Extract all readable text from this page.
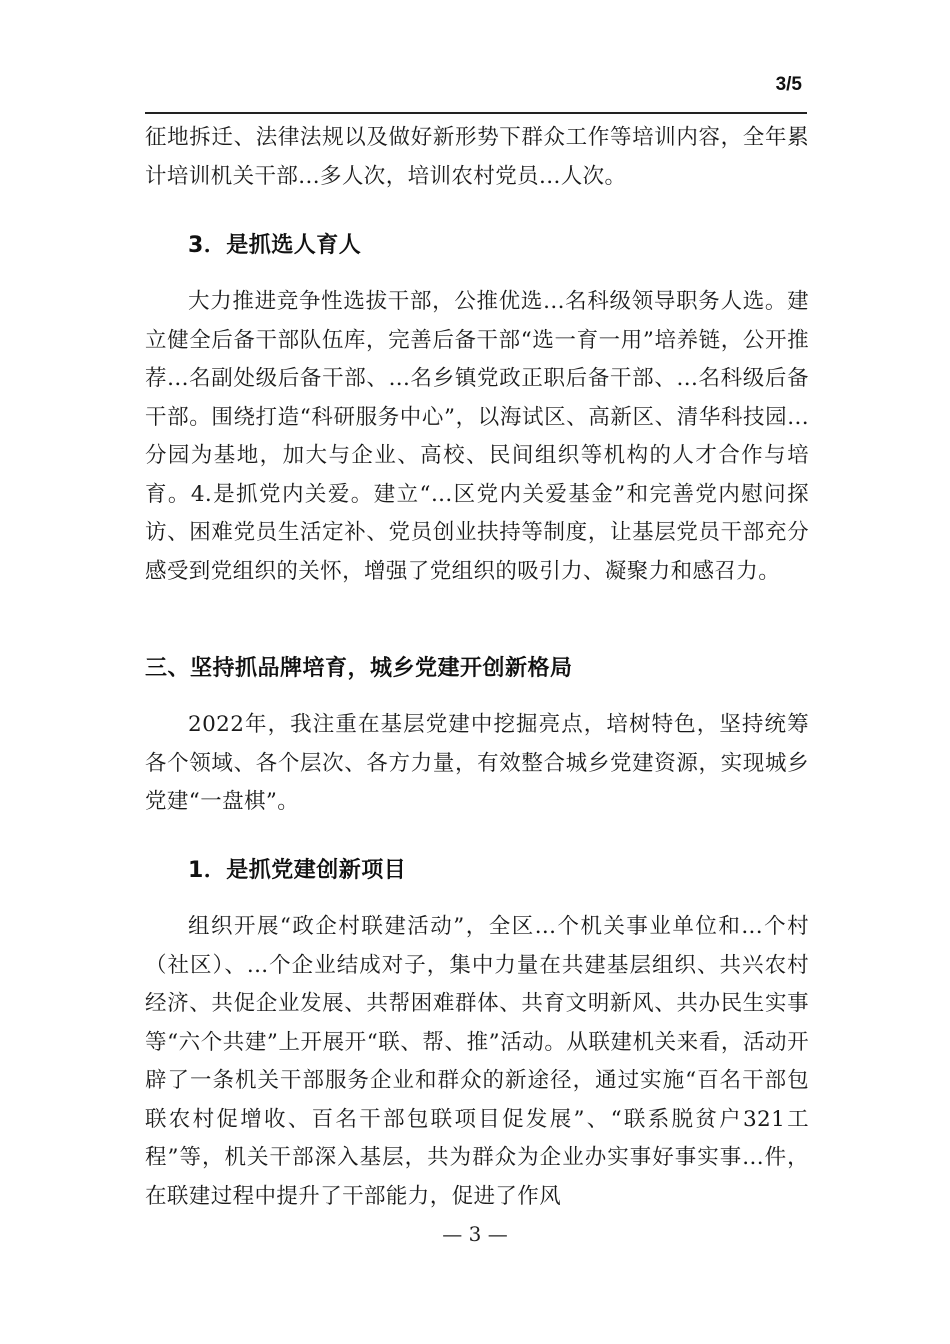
3/5

征地拆迁、法律法规以及做好新形势下群众工作等培训内容，全年累计培训机关干部...多人次，培训农村党员...人次。

3．是抓选人育人

大力推进竞争性选拔干部，公推优选...名科级领导职务人选。建立健全后备干部队伍库，完善后备干部“选一育一用”培养链，公开推荐...名副处级后备干部、...名乡镇党政正职后备干部、...名科级后备干部。围绕打造“科研服务中心”，以海试区、高新区、清华科技园...分园为基地，加大与企业、高校、民间组织等机构的人才合作与培育。4.是抓党内关爱。建立“...区党内关爱基金”和完善党内慰问探访、困难党员生活定补、党员创业扶持等制度，让基层党员干部充分感受到党组织的关怀，增强了党组织的吸引力、凝聚力和感召力。

三、坚持抓品牌培育，城乡党建开创新格局

2022年，我注重在基层党建中挖掘亮点，培树特色，坚持统筹各个领域、各个层次、各方力量，有效整合城乡党建资源，实现城乡党建“一盘棋”。

1．是抓党建创新项目

组织开展“政企村联建活动”，全区...个机关事业单位和...个村（社区）、...个企业结成对子，集中力量在共建基层组织、共兴农村经济、共促企业发展、共帮困难群体、共育文明新风、共办民生实事等“六个共建”上开展开“联、帮、推”活动。从联建机关来看，活动开辟了一条机关干部服务企业和群众的新途径，通过实施“百名干部包联农村促增收、百名干部包联项目促发展”、“联系脱贫户321工程”等，机关干部深入基层，共为群众为企业办实事好事实事...件，在联建过程中提升了干部能力，促进了作风

— 3 —
